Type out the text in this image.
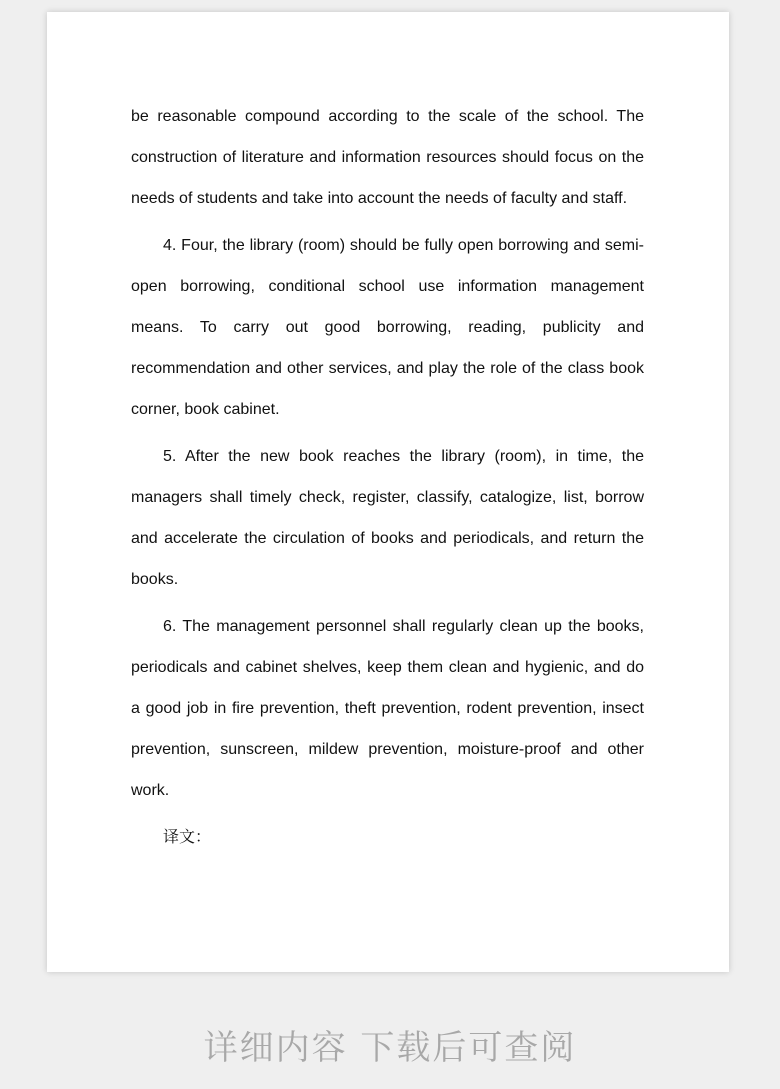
be reasonable compound according to the scale of the school. The construction of literature and information resources should focus on the needs of students and take into account the needs of faculty and staff.

4. Four, the library (room) should be fully open borrowing and semi-open borrowing, conditional school use information management means. To carry out good borrowing, reading, publicity and recommendation and other services, and play the role of the class book corner, book cabinet.

5. After the new book reaches the library (room), in time, the managers shall timely check, register, classify, catalogize, list, borrow and accelerate the circulation of books and periodicals, and return the books.

6. The management personnel shall regularly clean up the books, periodicals and cabinet shelves, keep them clean and hygienic, and do a good job in fire prevention, theft prevention, rodent prevention, insect prevention, sunscreen, mildew prevention, moisture-proof and other work.

译文：

详细内容 下载后可查阅
